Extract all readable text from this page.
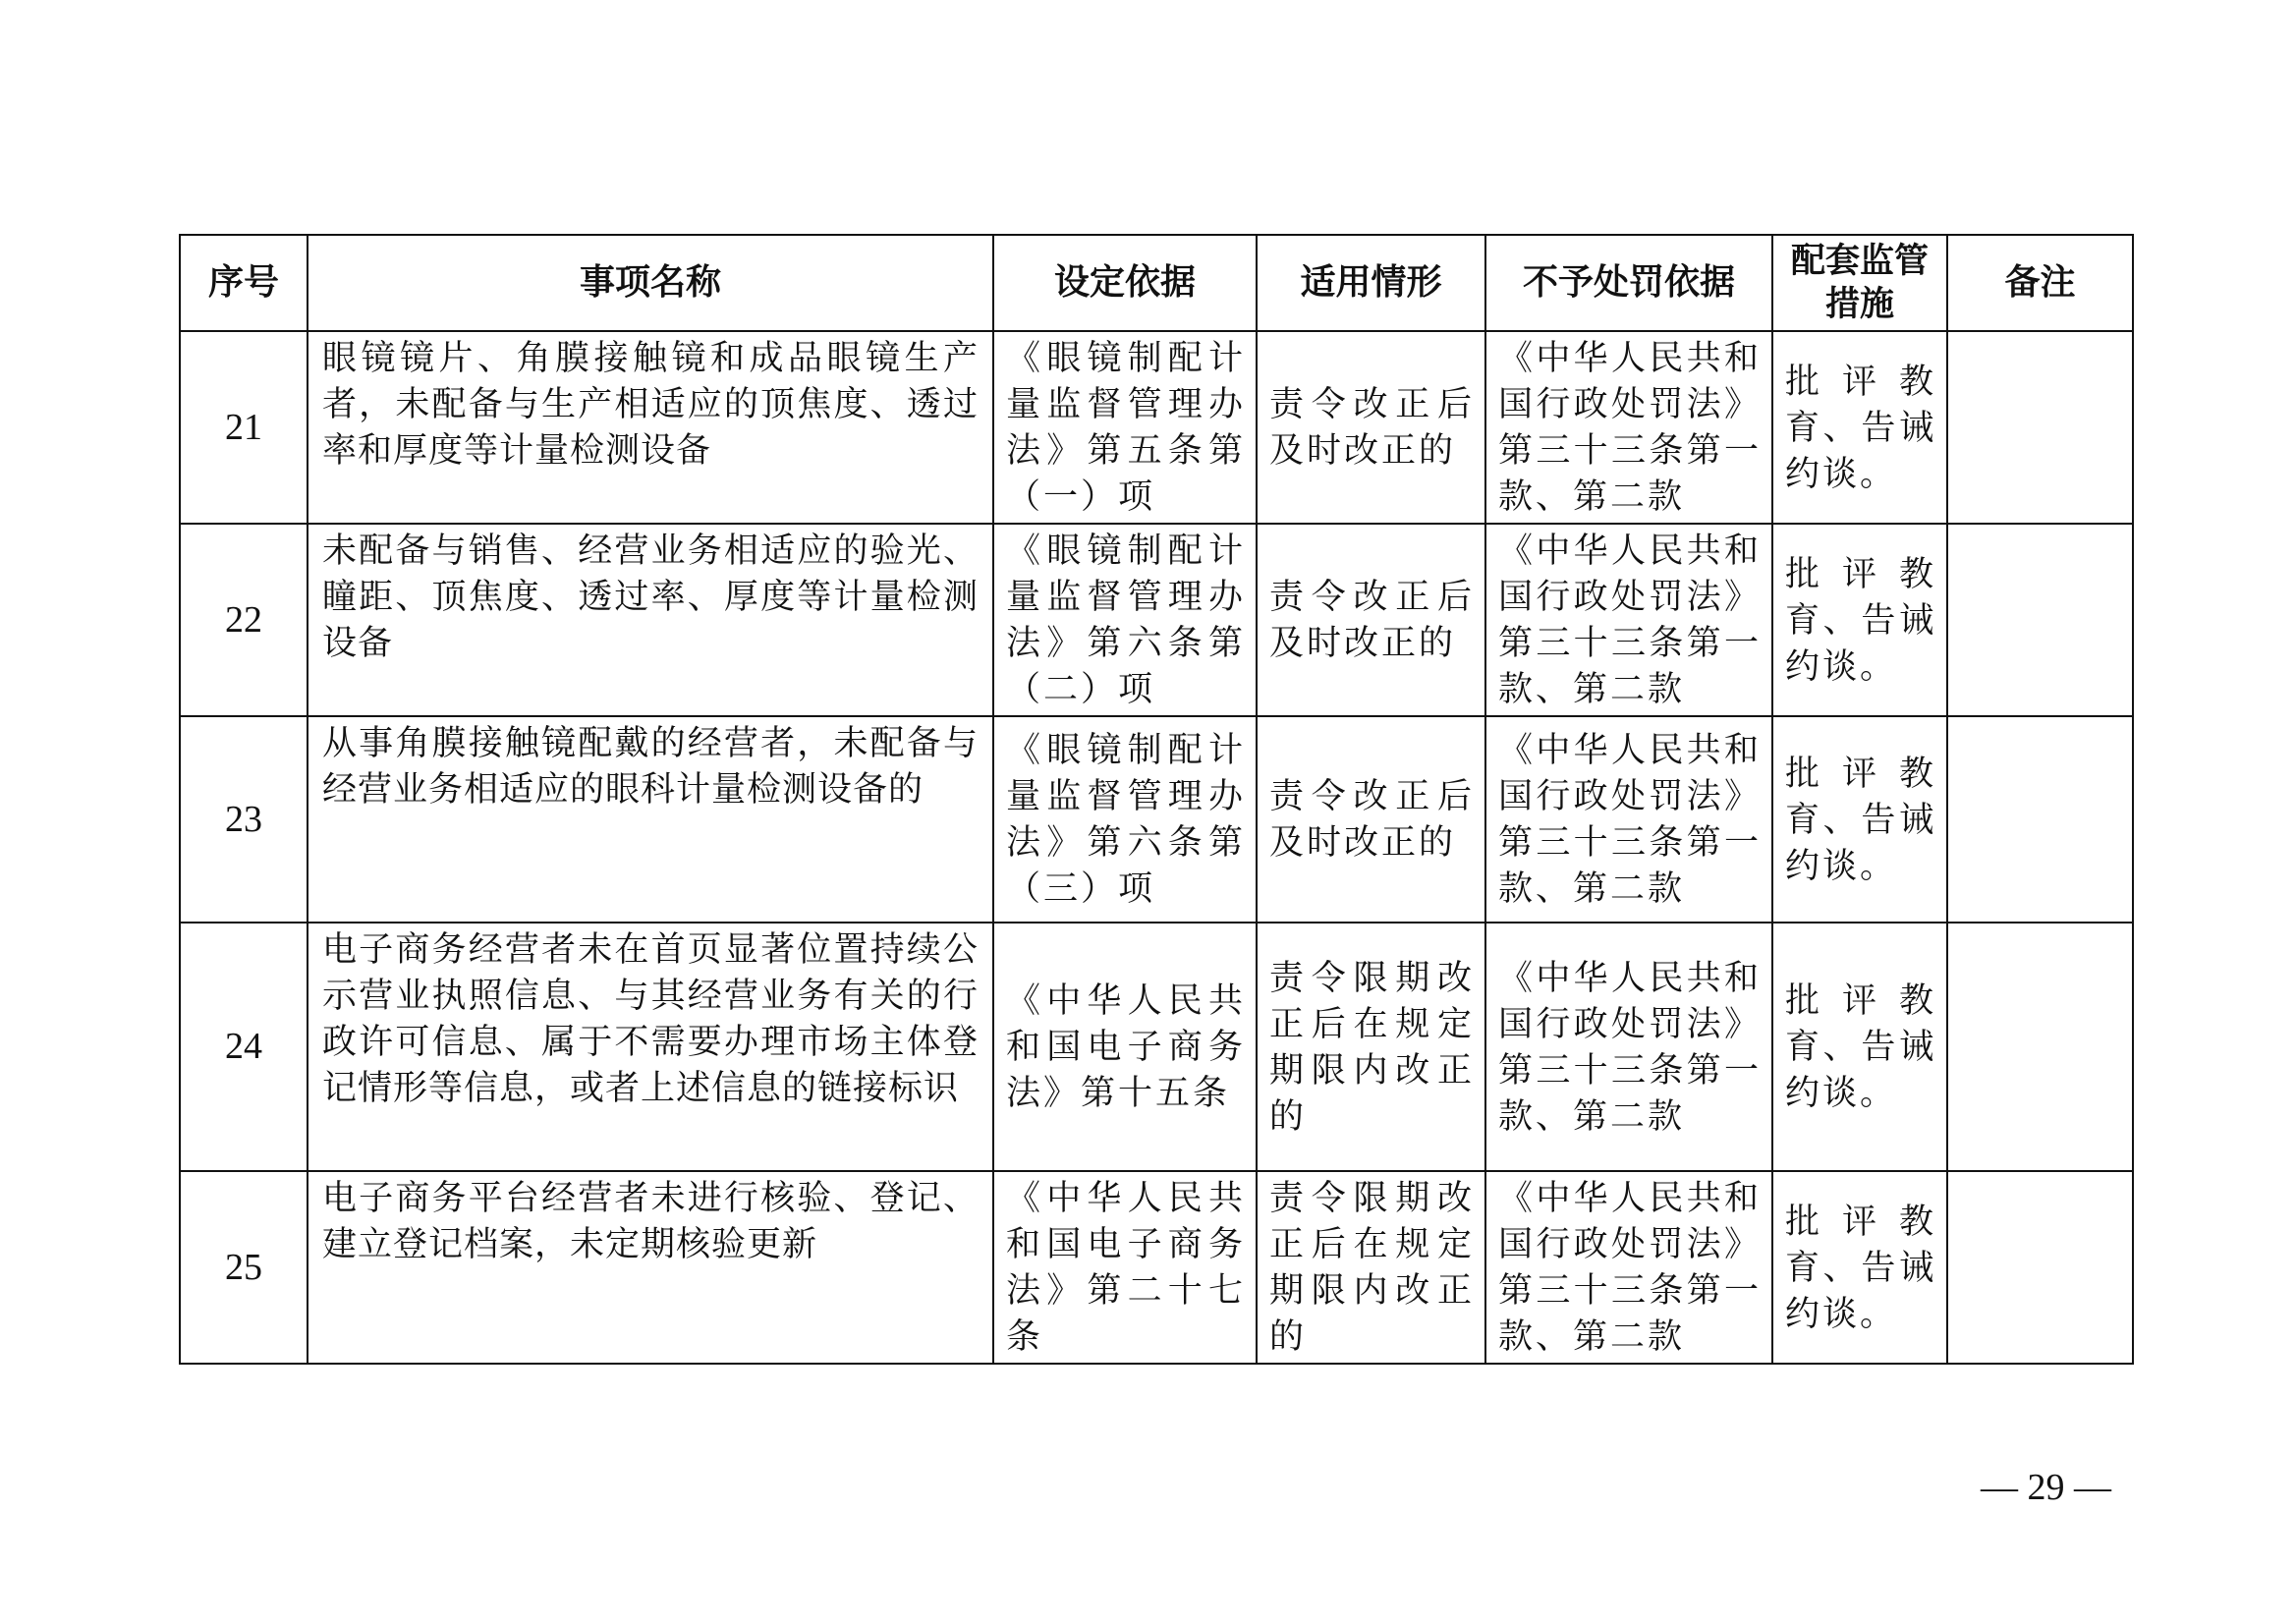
序号	事项名称	设定依据	适用情形	不予处罚依据	配套监管措施	备注
21	眼镜镜片、角膜接触镜和成品眼镜生产者，未配备与生产相适应的顶焦度、透过率和厚度等计量检测设备	《眼镜制配计量监督管理办法》第五条第（一）项	责令改正后及时改正的	《中华人民共和国行政处罚法》第三十三条第一款、第二款	批评教育、告诫约谈。	
22	未配备与销售、经营业务相适应的验光、瞳距、顶焦度、透过率、厚度等计量检测设备	《眼镜制配计量监督管理办法》第六条第（二）项	责令改正后及时改正的	《中华人民共和国行政处罚法》第三十三条第一款、第二款	批评教育、告诫约谈。	
23	从事角膜接触镜配戴的经营者，未配备与经营业务相适应的眼科计量检测设备的	《眼镜制配计量监督管理办法》第六条第（三）项	责令改正后及时改正的	《中华人民共和国行政处罚法》第三十三条第一款、第二款	批评教育、告诫约谈。	
24	电子商务经营者未在首页显著位置持续公示营业执照信息、与其经营业务有关的行政许可信息、属于不需要办理市场主体登记情形等信息，或者上述信息的链接标识	《中华人民共和国电子商务法》第十五条	责令限期改正后在规定期限内改正的	《中华人民共和国行政处罚法》第三十三条第一款、第二款	批评教育、告诫约谈。	
25	电子商务平台经营者未进行核验、登记、建立登记档案，未定期核验更新	《中华人民共和国电子商务法》第二十七条	责令限期改正后在规定期限内改正的	《中华人民共和国行政处罚法》第三十三条第一款、第二款	批评教育、告诫约谈。	
— 29 —
